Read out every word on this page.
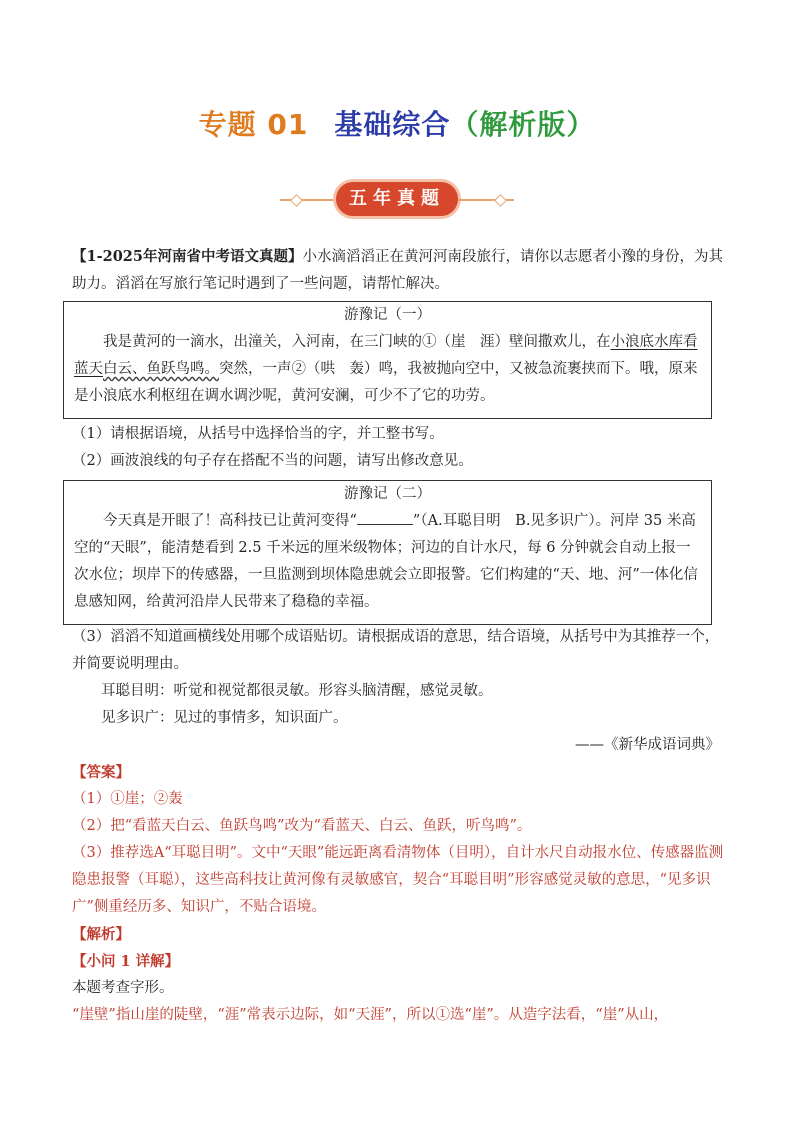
专题 01 基础综合（解析版）
五年真题
【1-2025年河南省中考语文真题】小水滴滔滔正在黄河河南段旅行，请你以志愿者小豫的身份，为其助力。滔滔在写旅行笔记时遇到了一些问题，请帮忙解决。
游豫记（一）

我是黄河的一滴水，出潼关，入河南，在三门峡的①（崖　涯）壁间撒欢儿，在小浪底水库看蓝天白云、鱼跃鸟鸣。突然，一声②（哄　轰）鸣，我被抛向空中，又被急流裹挟而下。哦，原来是小浪底水利枢纽在调水调沙呢，黄河安澜，可少不了它的功劳。

（1）请根据语境，从括号中选择恰当的字，并工整书写。
（2）画波浪线的句子存在搭配不当的问题，请写出修改意见。
游豫记（二）

今天真是开眼了！高科技已让黄河变得“	”（A.耳聪目明　B.见多识广）。河岸 35 米高空的“天眼”，能清楚看到 2.5 千米远的厘米级物体；河边的自计水尺，每 6 分钟就会自动上报一次水位；坝岸下的传感器，一旦监测到坝体隐患就会立即报警。它们构建的“天、地、河”一体化信息感知网，给黄河沿岸人民带来了稳稳的幸福。

（3）滔滔不知道画横线处用哪个成语贴切。请根据成语的意思，结合语境，从括号中为其推荐一个，并简要说明理由。
耳聪目明：听觉和视觉都很灵敏。形容头脑清醒，感觉灵敏。
见多识广：见过的事情多，知识面广。
——《新华成语词典》
【答案】
（1）①崖；②轰
（2）把“看蓝天白云、鱼跃鸟鸣”改为“看蓝天、白云、鱼跃，听鸟鸣”。
（3）推荐选A“耳聪目明”。文中“天眼”能远距离看清物体（目明），自计水尺自动报水位、传感器监测隐患报警（耳聪），这些高科技让黄河像有灵敏感官，契合“耳聪目明”形容感觉灵敏的意思，“见多识广”侧重经历多、知识广，不贴合语境。
【解析】
【小问 1 详解】
本题考查字形。
“崖壁”指山崖的陡壁，“涯”常表示边际，如“天涯”，所以①选“崖”。从造字法看，“崖”从山，
